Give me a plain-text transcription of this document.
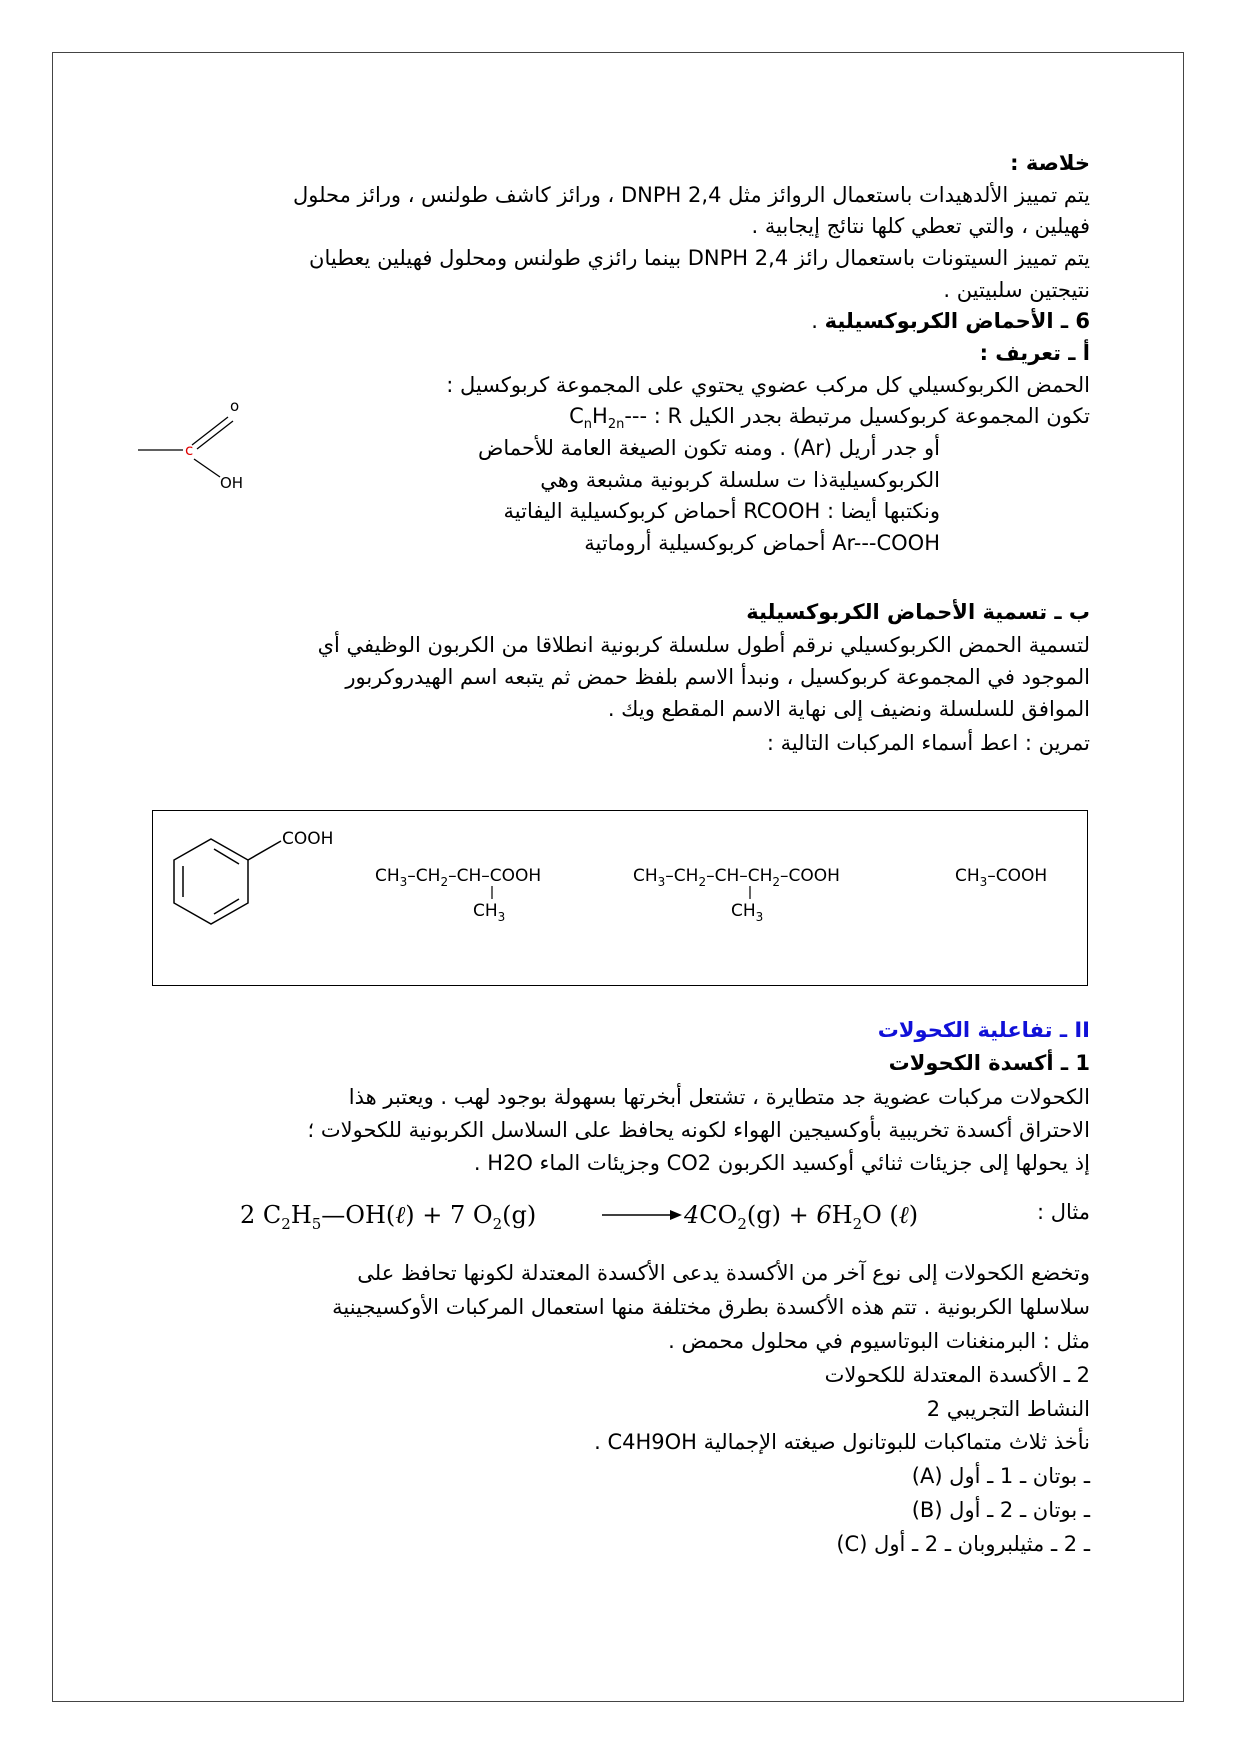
خلاصة :
يتم تمييز الألدهيدات باستعمال الروائز مثل 2,4 DNPH ، ورائز كاشف طولنس ، ورائز محلول
فهيلين ، والتي تعطي كلها نتائج إيجابية .
يتم تمييز السيتونات باستعمال رائز 2,4 DNPH بينما رائزي طولنس ومحلول فهيلين يعطيان
نتيجتين سلبيتين .
6 ـ الأحماض الكربوكسيلية .
أ ـ تعريف :
الحمض الكربوكسيلي كل مركب عضوي يحتوي على المجموعة كربوكسيل :
تكون المجموعة كربوكسيل مرتبطة بجدر الكيل R : $C_nH_{2n}---$
أو جدر أريل (Ar) . ومنه تكون الصيغة العامة للأحماض
الكربوكسيليةذا ت سلسلة كربونية مشبعة وهي
ونكتبها أيضا : RCOOH أحماض كربوكسيلية اليفاتية
Ar---COOH أحماض كربوكسيلية أروماتية
o
c
OH
ب ـ تسمية الأحماض الكربوكسيلية
لتسمية الحمض الكربوكسيلي نرقم أطول سلسلة كربونية انطلاقا من الكربون الوظيفي أي
الموجود في المجموعة كربوكسيل ، ونبدأ الاسم بلفظ حمض ثم يتبعه اسم الهيدروكربور
الموافق للسلسلة ونضيف إلى نهاية الاسم المقطع ويك .
تمرين : اعط أسماء المركبات التالية :
COOH
$CH_3-CH_2-CH$–COOH
$CH_3$
$CH_3-CH_2-CH-CH_2$–COOH
$CH_3$
$CH_3$–COOH
II ـ تفاعلية الكحولات
1 ـ أكسدة الكحولات
الكحولات مركبات عضوية جد متطايرة ، تشتعل أبخرتها بسهولة بوجود لهب . ويعتبر هذا
الاحتراق أكسدة تخريبية بأوكسيجين الهواء لكونه يحافظ على السلاسل الكربونية للكحولات ؛
إذ يحولها إلى جزيئات ثنائي أوكسيد الكربون CO2 وجزيئات الماء H2O .
مثال :
2 $C_2H_5—OH(\ell) + 7$ $O_2(g)$	$4CO_2(g) + 6H_2O$ (ℓ)
وتخضع الكحولات إلى نوع آخر من الأكسدة يدعى الأكسدة المعتدلة لكونها تحافظ على
سلاسلها الكربونية . تتم هذه الأكسدة بطرق مختلفة منها استعمال المركبات الأوكسيجينية
مثل : البرمنغنات البوتاسيوم في محلول محمض .
2 ـ الأكسدة المعتدلة للكحولات
النشاط التجريبي 2
نأخذ ثلاث متماكبات للبوتانول صيغته الإجمالية C4H9OH .
ـ بوتان ـ 1 ـ أول (A)
ـ بوتان ـ 2 ـ أول (B)
ـ 2 ـ مثيلبروبان ـ 2 ـ أول (C)
